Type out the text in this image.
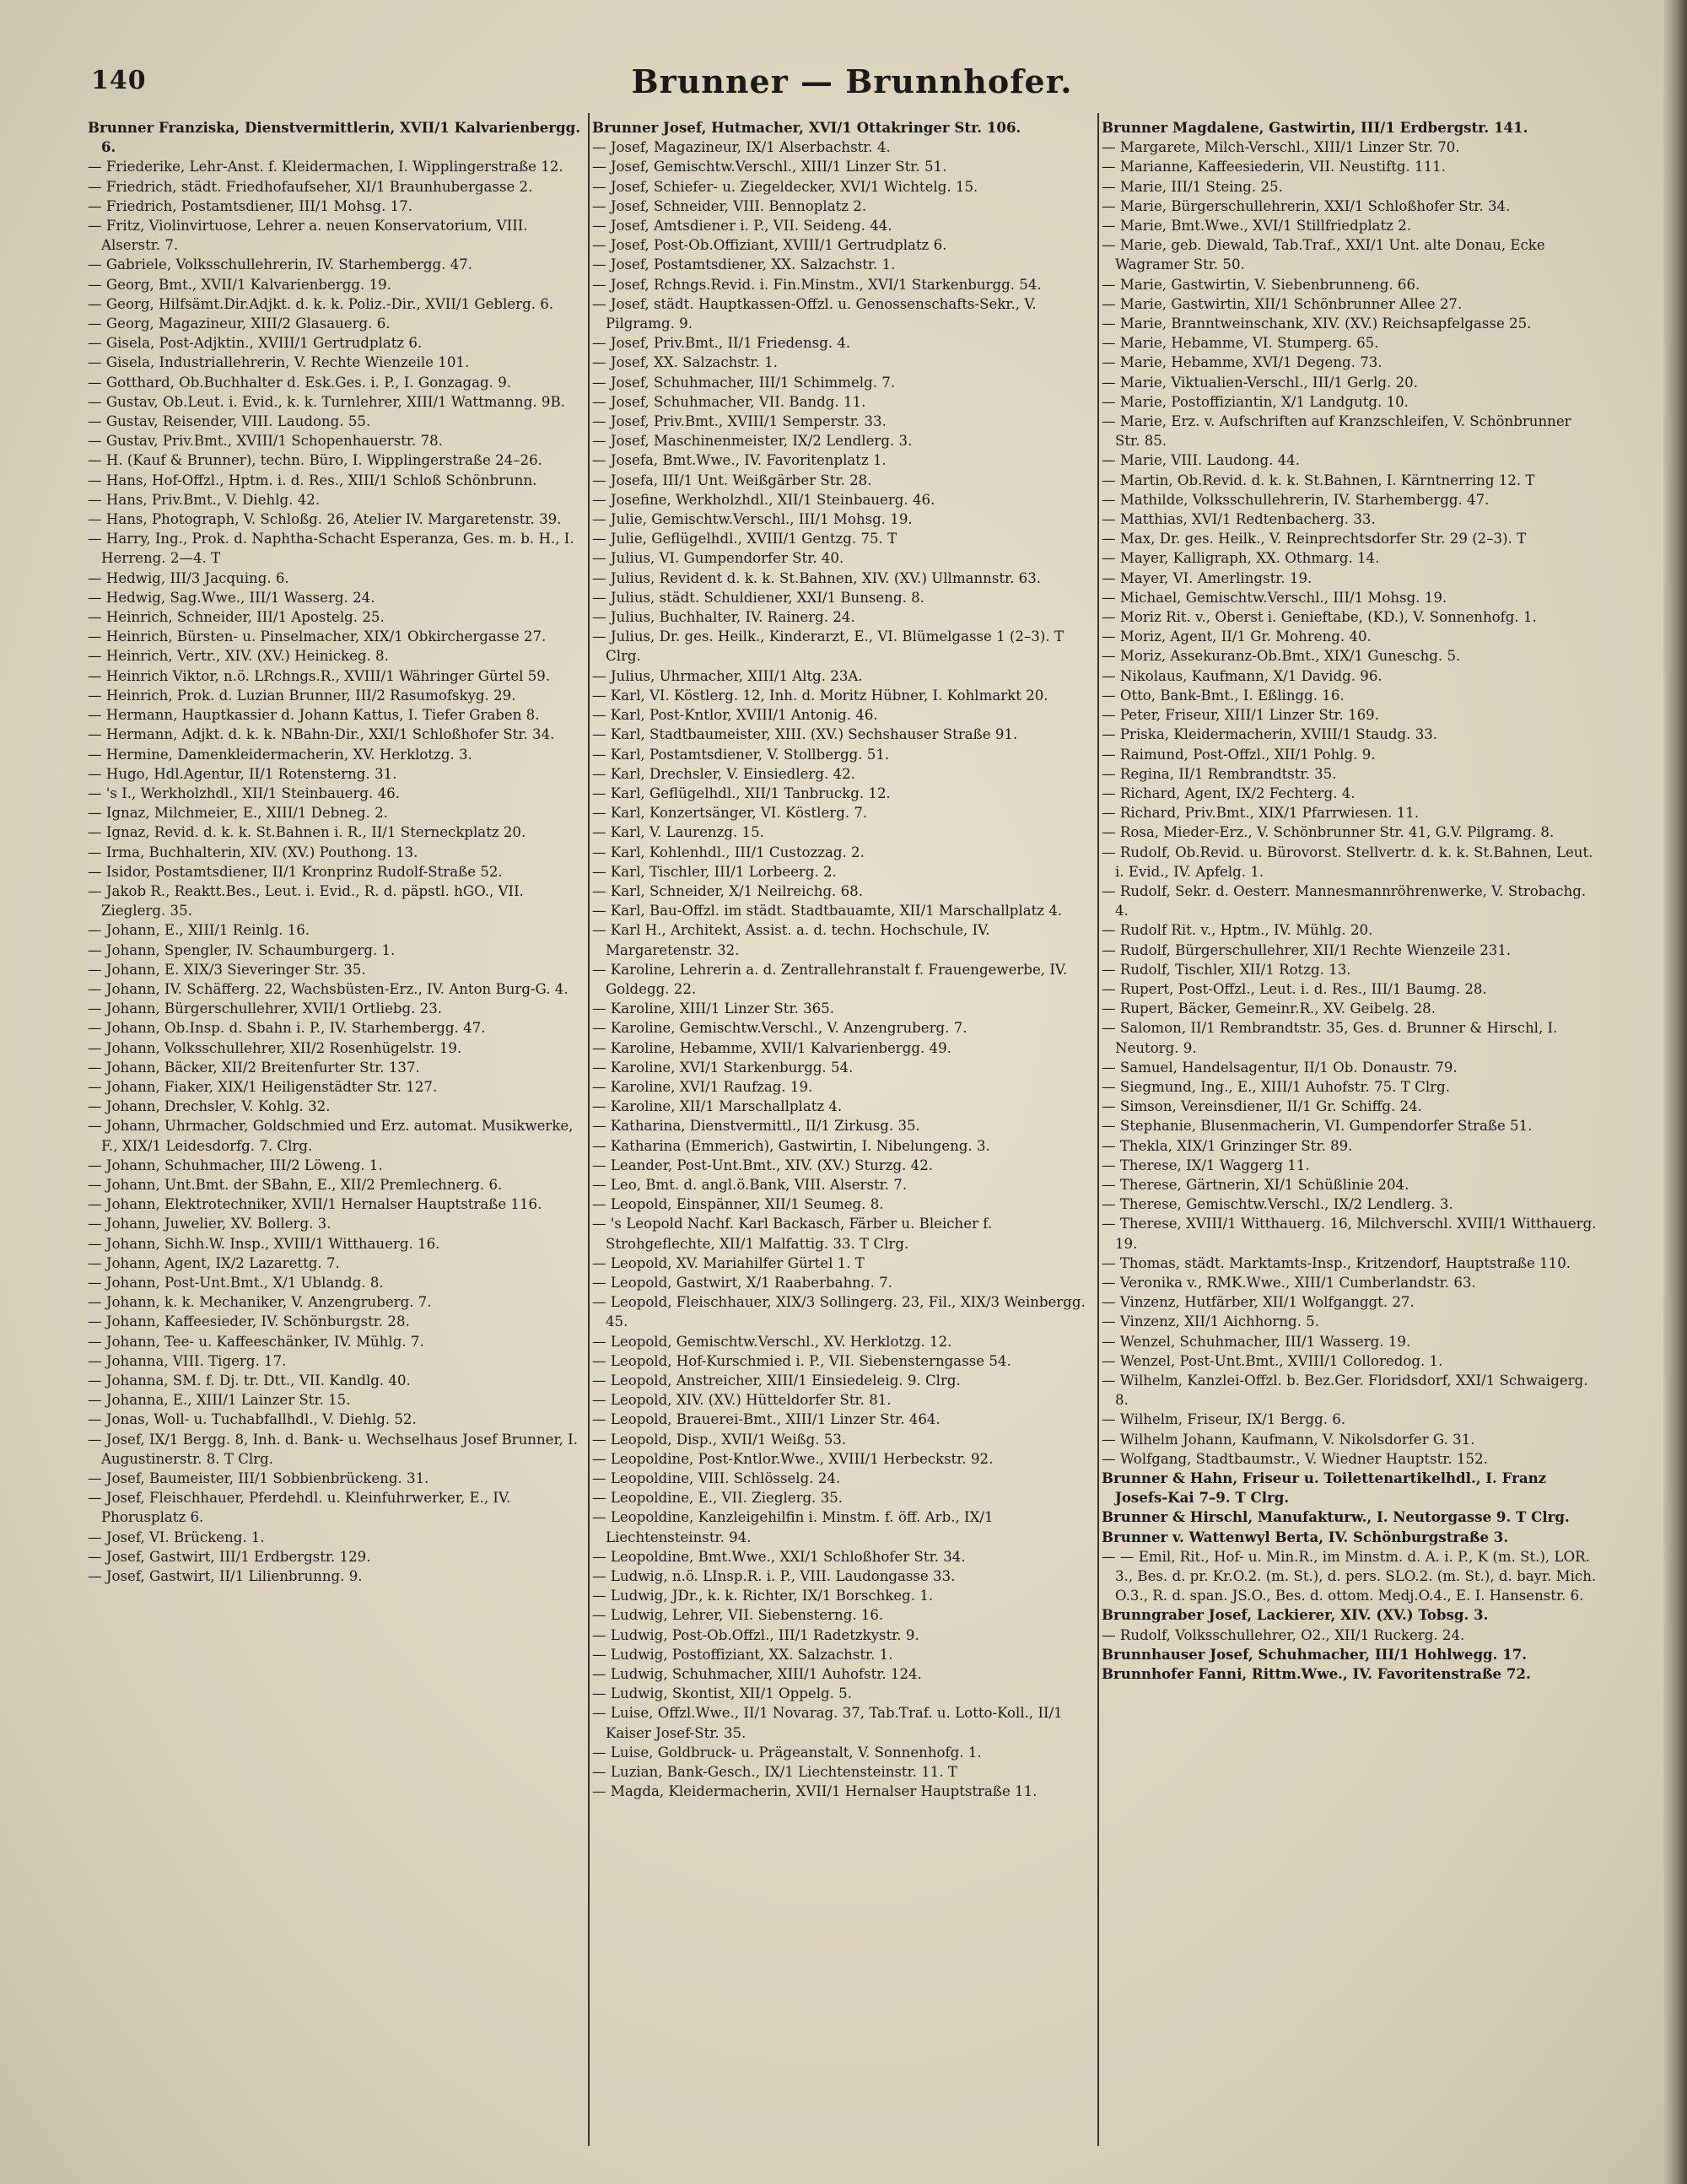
140	Brunner — Brunnhofer.
Brunner Franziska, Dienstvermittlerin, XVII/1 Kalvarienbergg. 6.
— Friederike, Lehr-Anst. f. Kleidermachen, I. Wipplingerstraße 12.
— Friedrich, städt. Friedhofaufseher, XI/1 Braunhubergasse 2.
— Friedrich, Postamtsdiener, III/1 Mohsg. 17.
— Fritz, Violinvirtuose, Lehrer a. neuen Konservatorium, VIII. Alserstr. 7.
— Gabriele, Volksschullehrerin, IV. Starhembergg. 47.
— Georg, Bmt., XVII/1 Kalvarienbergg. 19.
— Georg, Hilfsämt.Dir.Adjkt. d. k. k. Poliz.-Dir., XVII/1 Geblerg. 6.
— Georg, Magazineur, XIII/2 Glasauerg. 6.
— Gisela, Post-Adjktin., XVIII/1 Gertrudplatz 6.
— Gisela, Industriallehrerin, V. Rechte Wienzeile 101.
— Gotthard, Ob.Buchhalter d. Esk.Ges. i. P., I. Gonzagag. 9.
— Gustav, Ob.Leut. i. Evid., k. k. Turnlehrer, XIII/1 Wattmanng. 9B.
— Gustav, Reisender, VIII. Laudong. 55.
— Gustav, Priv.Bmt., XVIII/1 Schopenhauerstr. 78.
— H. (Kauf & Brunner), techn. Büro, I. Wipplingerstraße 24–26.
— Hans, Hof-Offzl., Hptm. i. d. Res., XIII/1 Schloß Schönbrunn.
— Hans, Priv.Bmt., V. Diehlg. 42.
— Hans, Photograph, V. Schloßg. 26, Atelier IV. Margaretenstr. 39.
— Harry, Ing., Prok. d. Naphtha-Schacht Esperanza, Ges. m. b. H., I. Herreng. 2—4. T
— Hedwig, III/3 Jacquing. 6.
— Hedwig, Sag.Wwe., III/1 Wasserg. 24.
— Heinrich, Schneider, III/1 Apostelg. 25.
— Heinrich, Bürsten- u. Pinselmacher, XIX/1 Obkirchergasse 27.
— Heinrich, Vertr., XIV. (XV.) Heinickeg. 8.
— Heinrich Viktor, n.ö. LRchngs.R., XVIII/1 Währinger Gürtel 59.
— Heinrich, Prok. d. Luzian Brunner, III/2 Rasumofskyg. 29.
— Hermann, Hauptkassier d. Johann Kattus, I. Tiefer Graben 8.
— Hermann, Adjkt. d. k. k. NBahn-Dir., XXI/1 Schloßhofer Str. 34.
— Hermine, Damenkleidermacherin, XV. Herklotzg. 3.
— Hugo, Hdl.Agentur, II/1 Rotensterng. 31.
— 's I., Werkholzhdl., XII/1 Steinbauerg. 46.
— Ignaz, Milchmeier, E., XIII/1 Debneg. 2.
— Ignaz, Revid. d. k. k. St.Bahnen i. R., II/1 Sterneckplatz 20.
— Irma, Buchhalterin, XIV. (XV.) Pouthong. 13.
— Isidor, Postamtsdiener, II/1 Kronprinz Rudolf-Straße 52.
— Jakob R., Reaktt.Bes., Leut. i. Evid., R. d. päpstl. hGO., VII. Zieglerg. 35.
— Johann, E., XIII/1 Reinlg. 16.
— Johann, Spengler, IV. Schaumburgerg. 1.
— Johann, E. XIX/3 Sieveringer Str. 35.
— Johann, IV. Schäfferg. 22, Wachsbüsten-Erz., IV. Anton Burg-G. 4.
— Johann, Bürgerschullehrer, XVII/1 Ortliebg. 23.
— Johann, Ob.Insp. d. Sbahn i. P., IV. Starhembergg. 47.
— Johann, Volksschullehrer, XII/2 Rosenhügelstr. 19.
— Johann, Bäcker, XII/2 Breitenfurter Str. 137.
— Johann, Fiaker, XIX/1 Heiligenstädter Str. 127.
— Johann, Drechsler, V. Kohlg. 32.
— Johann, Uhrmacher, Goldschmied und Erz. automat. Musikwerke, F., XIX/1 Leidesdorfg. 7. Clrg.
— Johann, Schuhmacher, III/2 Löweng. 1.
— Johann, Unt.Bmt. der SBahn, E., XII/2 Premlechnerg. 6.
— Johann, Elektrotechniker, XVII/1 Hernalser Hauptstraße 116.
— Johann, Juwelier, XV. Bollerg. 3.
— Johann, Sichh.W. Insp., XVIII/1 Witthauerg. 16.
— Johann, Agent, IX/2 Lazarettg. 7.
— Johann, Post-Unt.Bmt., X/1 Ublandg. 8.
— Johann, k. k. Mechaniker, V. Anzengruberg. 7.
— Johann, Kaffeesieder, IV. Schönburgstr. 28.
— Johann, Tee- u. Kaffeeschänker, IV. Mühlg. 7.
— Johanna, VIII. Tigerg. 17.
— Johanna, SM. f. Dj. tr. Dtt., VII. Kandlg. 40.
— Johanna, E., XIII/1 Lainzer Str. 15.
— Jonas, Woll- u. Tuchabfallhdl., V. Diehlg. 52.
— Josef, IX/1 Bergg. 8, Inh. d. Bank- u. Wechselhaus Josef Brunner, I. Augustinerstr. 8. T Clrg.
— Josef, Baumeister, III/1 Sobbienbrückeng. 31.
— Josef, Fleischhauer, Pferdehdl. u. Kleinfuhrwerker, E., IV. Phorusplatz 6.
— Josef, VI. Brückeng. 1.
— Josef, Gastwirt, III/1 Erdbergstr. 129.
— Josef, Gastwirt, II/1 Lilienbrunng. 9.
Brunner Josef, Hutmacher, XVI/1 Ottakringer Str. 106.
— Josef, Magazineur, IX/1 Alserbachstr. 4.
— Josef, Gemischtw.Verschl., XIII/1 Linzer Str. 51.
— Josef, Schiefer- u. Ziegeldecker, XVI/1 Wichtelg. 15.
— Josef, Schneider, VIII. Bennoplatz 2.
— Josef, Amtsdiener i. P., VII. Seideng. 44.
— Josef, Post-Ob.Offiziant, XVIII/1 Gertrudplatz 6.
— Josef, Postamtsdiener, XX. Salzachstr. 1.
— Josef, Rchngs.Revid. i. Fin.Minstm., XVI/1 Starkenburgg. 54.
— Josef, städt. Hauptkassen-Offzl. u. Genossenschafts-Sekr., V. Pilgramg. 9.
— Josef, Priv.Bmt., II/1 Friedensg. 4.
— Josef, XX. Salzachstr. 1.
— Josef, Schuhmacher, III/1 Schimmelg. 7.
— Josef, Schuhmacher, VII. Bandg. 11.
— Josef, Priv.Bmt., XVIII/1 Semperstr. 33.
— Josef, Maschinenmeister, IX/2 Lendlerg. 3.
— Josefa, Bmt.Wwe., IV. Favoritenplatz 1.
— Josefa, III/1 Unt. Weißgärber Str. 28.
— Josefine, Werkholzhdl., XII/1 Steinbauerg. 46.
— Julie, Gemischtw.Verschl., III/1 Mohsg. 19.
— Julie, Geflügelhdl., XVIII/1 Gentzg. 75. T
— Julius, VI. Gumpendorfer Str. 40.
— Julius, Revident d. k. k. St.Bahnen, XIV. (XV.) Ullmannstr. 63.
— Julius, städt. Schuldiener, XXI/1 Bunseng. 8.
— Julius, Buchhalter, IV. Rainerg. 24.
— Julius, Dr. ges. Heilk., Kinderarzt, E., VI. Blümelgasse 1 (2–3). T Clrg.
— Julius, Uhrmacher, XIII/1 Altg. 23A.
— Karl, VI. Köstlerg. 12, Inh. d. Moritz Hübner, I. Kohlmarkt 20.
— Karl, Post-Kntlor, XVIII/1 Antonig. 46.
— Karl, Stadtbaumeister, XIII. (XV.) Sechshauser Straße 91.
— Karl, Postamtsdiener, V. Stollbergg. 51.
— Karl, Drechsler, V. Einsiedlerg. 42.
— Karl, Geflügelhdl., XII/1 Tanbruckg. 12.
— Karl, Konzertsänger, VI. Köstlerg. 7.
— Karl, V. Laurenzg. 15.
— Karl, Kohlenhdl., III/1 Custozzag. 2.
— Karl, Tischler, III/1 Lorbeerg. 2.
— Karl, Schneider, X/1 Neilreichg. 68.
— Karl, Bau-Offzl. im städt. Stadtbauamte, XII/1 Marschallplatz 4.
— Karl H., Architekt, Assist. a. d. techn. Hochschule, IV. Margaretenstr. 32.
— Karoline, Lehrerin a. d. Zentrallehranstalt f. Frauengewerbe, IV. Goldegg. 22.
— Karoline, XIII/1 Linzer Str. 365.
— Karoline, Gemischtw.Verschl., V. Anzengruberg. 7.
— Karoline, Hebamme, XVII/1 Kalvarienbergg. 49.
— Karoline, XVI/1 Starkenburgg. 54.
— Karoline, XVI/1 Raufzag. 19.
— Karoline, XII/1 Marschallplatz 4.
— Katharina, Dienstvermittl., II/1 Zirkusg. 35.
— Katharina (Emmerich), Gastwirtin, I. Nibelungeng. 3.
— Leander, Post-Unt.Bmt., XIV. (XV.) Sturzg. 42.
— Leo, Bmt. d. angl.ö.Bank, VIII. Alserstr. 7.
— Leopold, Einspänner, XII/1 Seumeg. 8.
— 's Leopold Nachf. Karl Backasch, Färber u. Bleicher f. Strohgeflechte, XII/1 Malfattig. 33. T Clrg.
— Leopold, XV. Mariahilfer Gürtel 1. T
— Leopold, Gastwirt, X/1 Raaberbahng. 7.
— Leopold, Fleischhauer, XIX/3 Sollingerg. 23, Fil., XIX/3 Weinbergg. 45.
— Leopold, Gemischtw.Verschl., XV. Herklotzg. 12.
— Leopold, Hof-Kurschmied i. P., VII. Siebensterngasse 54.
— Leopold, Anstreicher, XIII/1 Einsiedeleig. 9. Clrg.
— Leopold, XIV. (XV.) Hütteldorfer Str. 81.
— Leopold, Brauerei-Bmt., XIII/1 Linzer Str. 464.
— Leopold, Disp., XVII/1 Weißg. 53.
— Leopoldine, Post-Kntlor.Wwe., XVIII/1 Herbeckstr. 92.
— Leopoldine, VIII. Schlösselg. 24.
— Leopoldine, E., VII. Zieglerg. 35.
— Leopoldine, Kanzleigehilfin i. Minstm. f. öff. Arb., IX/1 Liechtensteinstr. 94.
— Leopoldine, Bmt.Wwe., XXI/1 Schloßhofer Str. 34.
— Ludwig, n.ö. LInsp.R. i. P., VIII. Laudongasse 33.
— Ludwig, JDr., k. k. Richter, IX/1 Borschkeg. 1.
— Ludwig, Lehrer, VII. Siebensterng. 16.
— Ludwig, Post-Ob.Offzl., III/1 Radetzkystr. 9.
— Ludwig, Postoffiziant, XX. Salzachstr. 1.
— Ludwig, Schuhmacher, XIII/1 Auhofstr. 124.
— Ludwig, Skontist, XII/1 Oppelg. 5.
— Luise, Offzl.Wwe., II/1 Novarag. 37, Tab.Traf. u. Lotto-Koll., II/1 Kaiser Josef-Str. 35.
— Luise, Goldbruck- u. Prägeanstalt, V. Sonnenhofg. 1.
— Luzian, Bank-Gesch., IX/1 Liechtensteinstr. 11. T
— Magda, Kleidermacherin, XVII/1 Hernalser Hauptstraße 11.
Brunner Magdalene, Gastwirtin, III/1 Erdbergstr. 141.
— Margarete, Milch-Verschl., XIII/1 Linzer Str. 70.
— Marianne, Kaffeesiederin, VII. Neustiftg. 111.
— Marie, III/1 Steing. 25.
— Marie, Bürgerschullehrerin, XXI/1 Schloßhofer Str. 34.
— Marie, Bmt.Wwe., XVI/1 Stillfriedplatz 2.
— Marie, geb. Diewald, Tab.Traf., XXI/1 Unt. alte Donau, Ecke Wagramer Str. 50.
— Marie, Gastwirtin, V. Siebenbrunneng. 66.
— Marie, Gastwirtin, XII/1 Schönbrunner Allee 27.
— Marie, Branntweinschank, XIV. (XV.) Reichsapfelgasse 25.
— Marie, Hebamme, VI. Stumperg. 65.
— Marie, Hebamme, XVI/1 Degeng. 73.
— Marie, Viktualien-Verschl., III/1 Gerlg. 20.
— Marie, Postoffiziantin, X/1 Landgutg. 10.
— Marie, Erz. v. Aufschriften auf Kranzschleifen, V. Schönbrunner Str. 85.
— Marie, VIII. Laudong. 44.
— Martin, Ob.Revid. d. k. k. St.Bahnen, I. Kärntnerring 12. T
— Mathilde, Volksschullehrerin, IV. Starhembergg. 47.
— Matthias, XVI/1 Redtenbacherg. 33.
— Max, Dr. ges. Heilk., V. Reinprechtsdorfer Str. 29 (2–3). T
— Mayer, Kalligraph, XX. Othmarg. 14.
— Mayer, VI. Amerlingstr. 19.
— Michael, Gemischtw.Verschl., III/1 Mohsg. 19.
— Moriz Rit. v., Oberst i. Genieftabe, (KD.), V. Sonnenhofg. 1.
— Moriz, Agent, II/1 Gr. Mohreng. 40.
— Moriz, Assekuranz-Ob.Bmt., XIX/1 Guneschg. 5.
— Nikolaus, Kaufmann, X/1 Davidg. 96.
— Otto, Bank-Bmt., I. Eßlingg. 16.
— Peter, Friseur, XIII/1 Linzer Str. 169.
— Priska, Kleidermacherin, XVIII/1 Staudg. 33.
— Raimund, Post-Offzl., XII/1 Pohlg. 9.
— Regina, II/1 Rembrandtstr. 35.
— Richard, Agent, IX/2 Fechterg. 4.
— Richard, Priv.Bmt., XIX/1 Pfarrwiesen. 11.
— Rosa, Mieder-Erz., V. Schönbrunner Str. 41, G.V. Pilgramg. 8.
— Rudolf, Ob.Revid. u. Bürovorst. Stellvertr. d. k. k. St.Bahnen, Leut. i. Evid., IV. Apfelg. 1.
— Rudolf, Sekr. d. Oesterr. Mannesmannröhrenwerke, V. Strobachg. 4.
— Rudolf Rit. v., Hptm., IV. Mühlg. 20.
— Rudolf, Bürgerschullehrer, XII/1 Rechte Wienzeile 231.
— Rudolf, Tischler, XII/1 Rotzg. 13.
— Rupert, Post-Offzl., Leut. i. d. Res., III/1 Baumg. 28.
— Rupert, Bäcker, Gemeinr.R., XV. Geibelg. 28.
— Salomon, II/1 Rembrandtstr. 35, Ges. d. Brunner & Hirschl, I. Neutorg. 9.
— Samuel, Handelsagentur, II/1 Ob. Donaustr. 79.
— Siegmund, Ing., E., XIII/1 Auhofstr. 75. T Clrg.
— Simson, Vereinsdiener, II/1 Gr. Schiffg. 24.
— Stephanie, Blusenmacherin, VI. Gumpendorfer Straße 51.
— Thekla, XIX/1 Grinzinger Str. 89.
— Therese, IX/1 Waggerg 11.
— Therese, Gärtnerin, XI/1 Schüßlinie 204.
— Therese, Gemischtw.Verschl., IX/2 Lendlerg. 3.
— Therese, XVIII/1 Witthauerg. 16, Milchverschl. XVIII/1 Witthauerg. 19.
— Thomas, städt. Marktamts-Insp., Kritzendorf, Hauptstraße 110.
— Veronika v., RMK.Wwe., XIII/1 Cumberlandstr. 63.
— Vinzenz, Hutfärber, XII/1 Wolfganggt. 27.
— Vinzenz, XII/1 Aichhorng. 5.
— Wenzel, Schuhmacher, III/1 Wasserg. 19.
— Wenzel, Post-Unt.Bmt., XVIII/1 Colloredog. 1.
— Wilhelm, Kanzlei-Offzl. b. Bez.Ger. Floridsdorf, XXI/1 Schwaigerg. 8.
— Wilhelm, Friseur, IX/1 Bergg. 6.
— Wilhelm Johann, Kaufmann, V. Nikolsdorfer G. 31.
— Wolfgang, Stadtbaumstr., V. Wiedner Hauptstr. 152.
Brunner & Hahn, Friseur u. Toilettenartikelhdl., I. Franz Josefs-Kai 7–9. T Clrg.
Brunner & Hirschl, Manufakturw., I. Neutorgasse 9. T Clrg.
Brunner v. Wattenwyl Berta, IV. Schönburgstraße 3.
— — Emil, Rit., Hof- u. Min.R., im Minstm. d. A. i. P., K (m. St.), LOR. 3., Bes. d. pr. Kr.O.2. (m. St.), d. pers. SLO.2. (m. St.), d. bayr. Mich. O.3., R. d. span. JS.O., Bes. d. ottom. Medj.O.4., E. I. Hansenstr. 6.
Brunngraber Josef, Lackierer, XIV. (XV.) Tobsg. 3.
— Rudolf, Volksschullehrer, O2., XII/1 Ruckerg. 24.
Brunnhauser Josef, Schuhmacher, III/1 Hohlwegg. 17.
Brunnhofer Fanni, Rittm.Wwe., IV. Favoritenstraße 72.
